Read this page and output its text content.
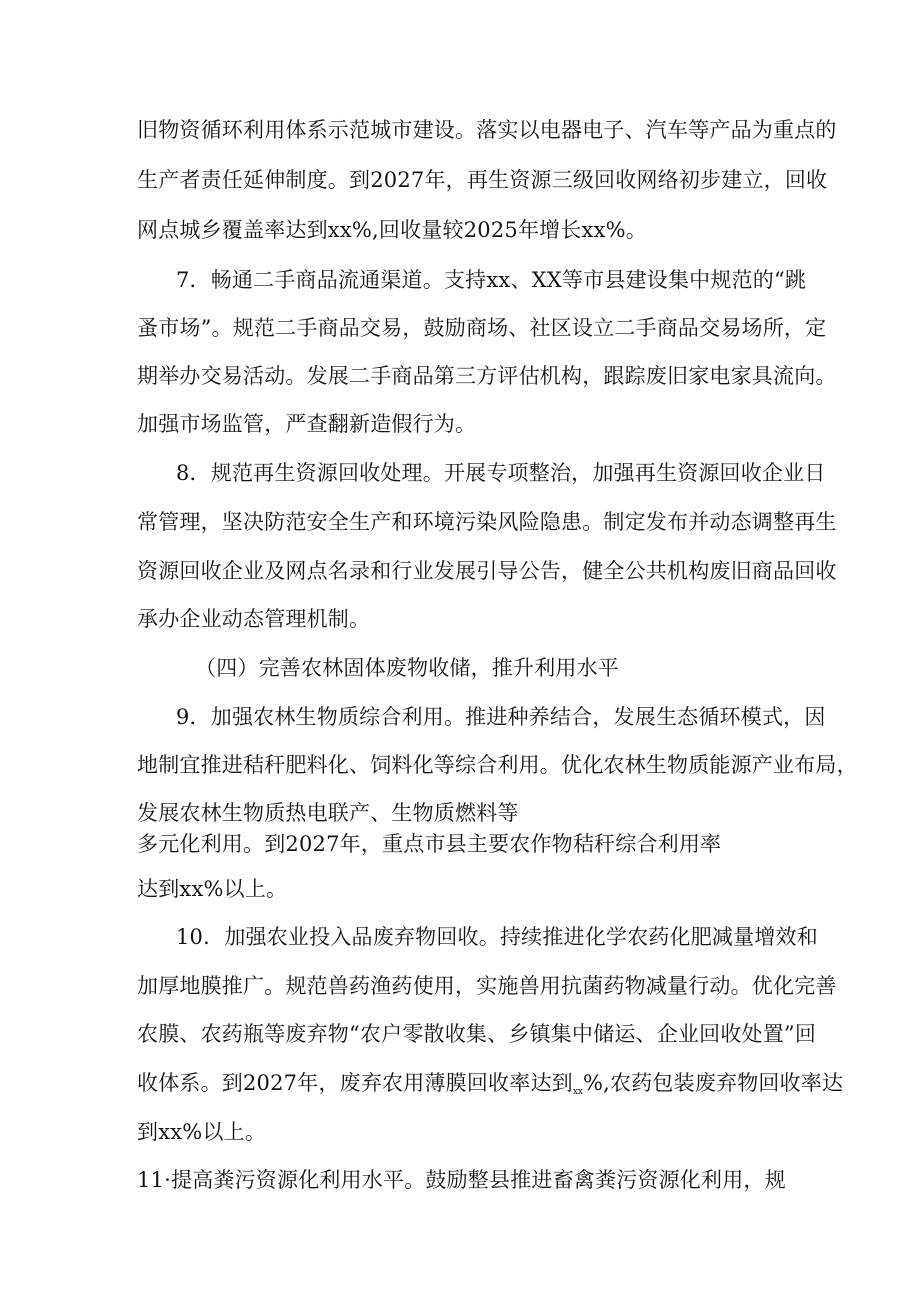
旧物资循环利用体系示范城市建设。落实以电器电子、汽车等产品为重点的
生产者责任延伸制度。到2027年，再生资源三级回收网络初步建立，回收
网点城乡覆盖率达到xx%,回收量较2025年增长xx%。
7．畅通二手商品流通渠道。支持xx、XX等市县建设集中规范的“跳
蚤市场”。规范二手商品交易，鼓励商场、社区设立二手商品交易场所，定
期举办交易活动。发展二手商品第三方评估机构，跟踪废旧家电家具流向。
加强市场监管，严查翻新造假行为。
8．规范再生资源回收处理。开展专项整治，加强再生资源回收企业日
常管理，坚决防范安全生产和环境污染风险隐患。制定发布并动态调整再生
资源回收企业及网点名录和行业发展引导公告，健全公共机构废旧商品回收
承办企业动态管理机制。
（四）完善农林固体废物收储，推升利用水平
9．加强农林生物质综合利用。推进种养结合，发展生态循环模式，因
地制宜推进秸秆肥料化、饲料化等综合利用。优化农林生物质能源产业布局，
发展农林生物质热电联产、生物质燃料等
多元化利用。到2027年，重点市县主要农作物秸秆综合利用率
达到xx%以上。
10．加强农业投入品废弃物回收。持续推进化学农药化肥减量增效和
加厚地膜推广。规范兽药渔药使用，实施兽用抗菌药物减量行动。优化完善
农膜、农药瓶等废弃物“农户零散收集、乡镇集中储运、企业回收处置”回
收体系。到2027年，废弃农用薄膜回收率达到xx%,农药包装废弃物回收率达
到xx%以上。
11·提高粪污资源化利用水平。鼓励整县推进畜禽粪污资源化利用，规
